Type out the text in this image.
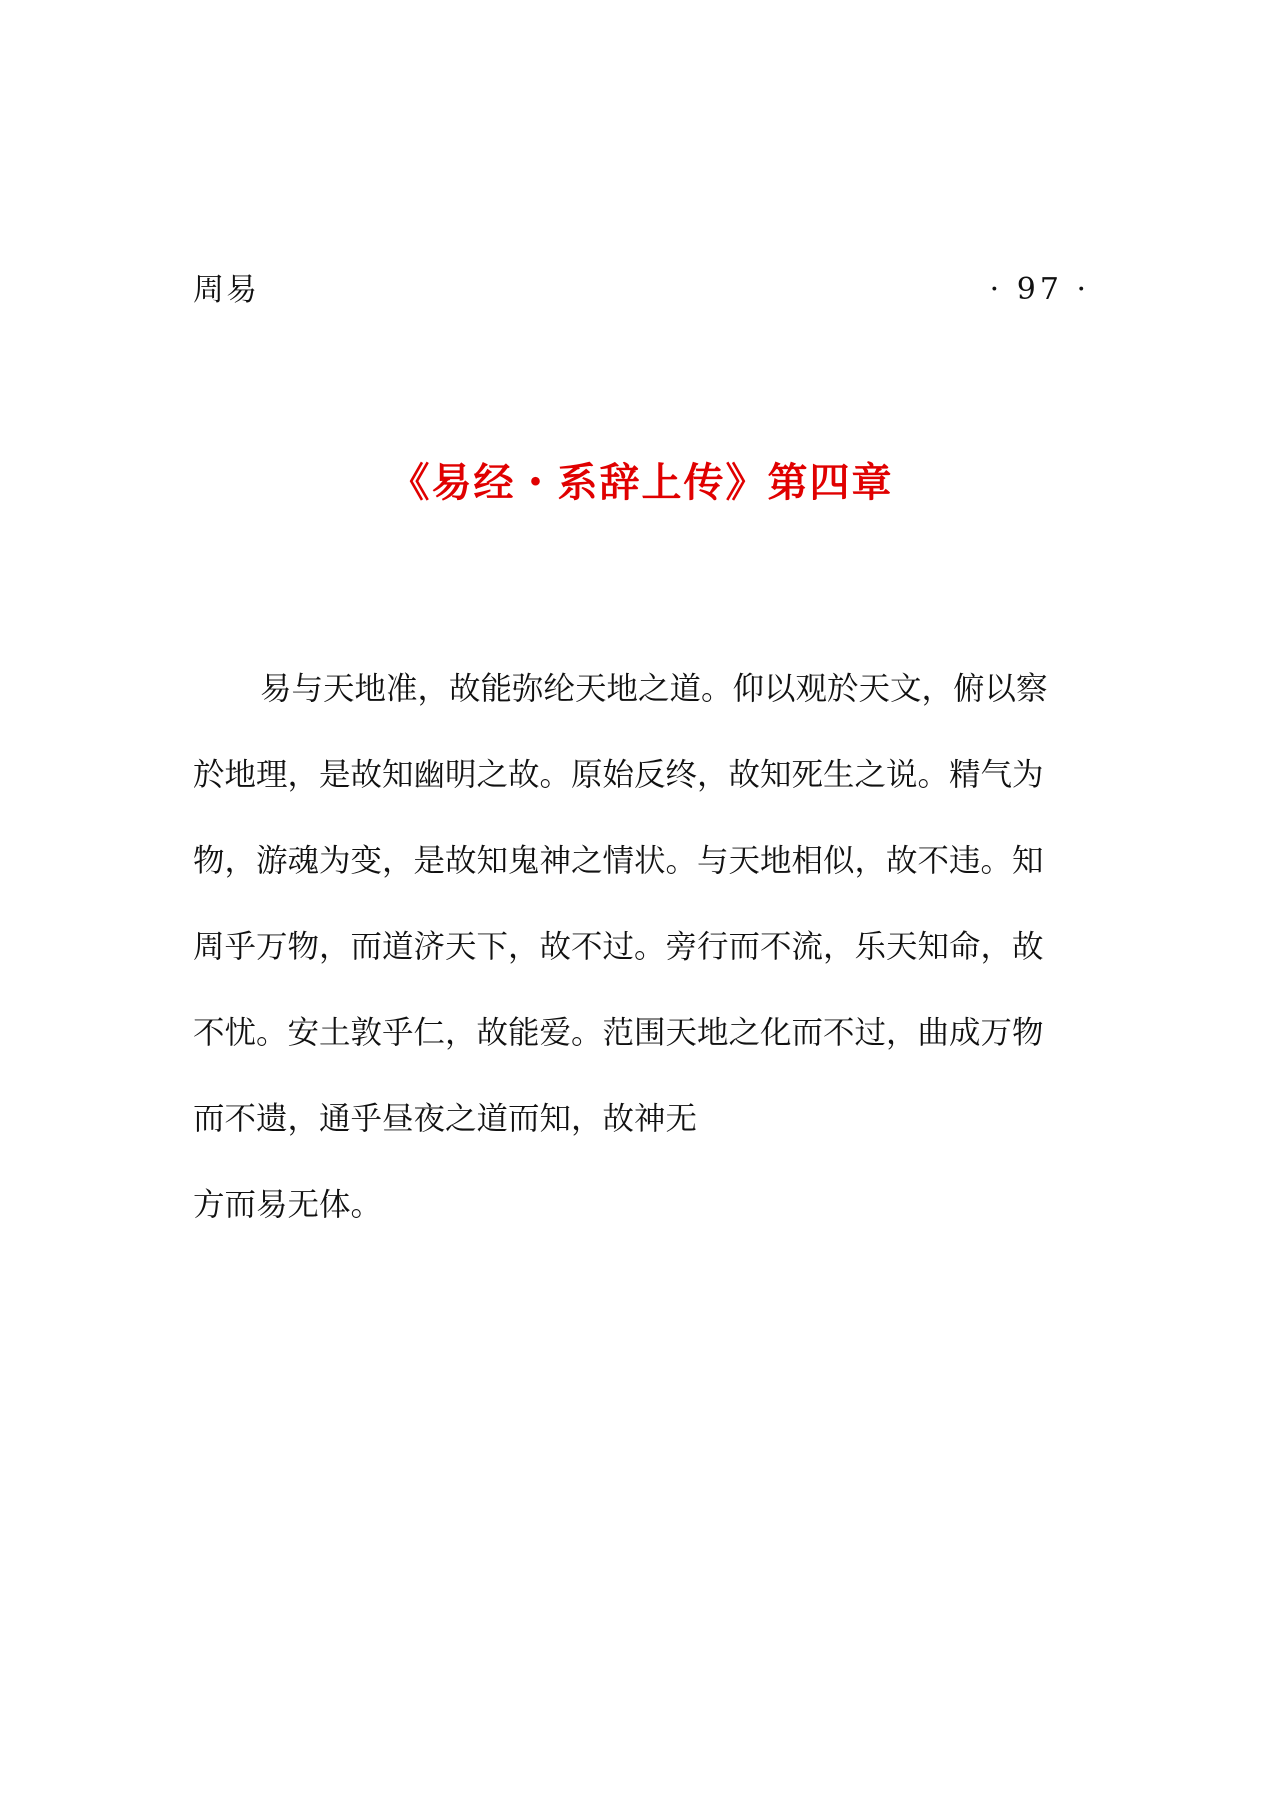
周易	· 97 ·
《易经・系辞上传》第四章
易与天地准，故能弥纶天地之道。仰以观於天文，俯以察
於地理，是故知幽明之故。原始反终，故知死生之说。精气为
物，游魂为变，是故知鬼神之情状。与天地相似，故不违。知
周乎万物，而道济天下，故不过。旁行而不流，乐天知命，故
不忧。安土敦乎仁，故能爱。范围天地之化而不过，曲成万物
而不遗，通乎昼夜之道而知，故神无
方而易无体。
